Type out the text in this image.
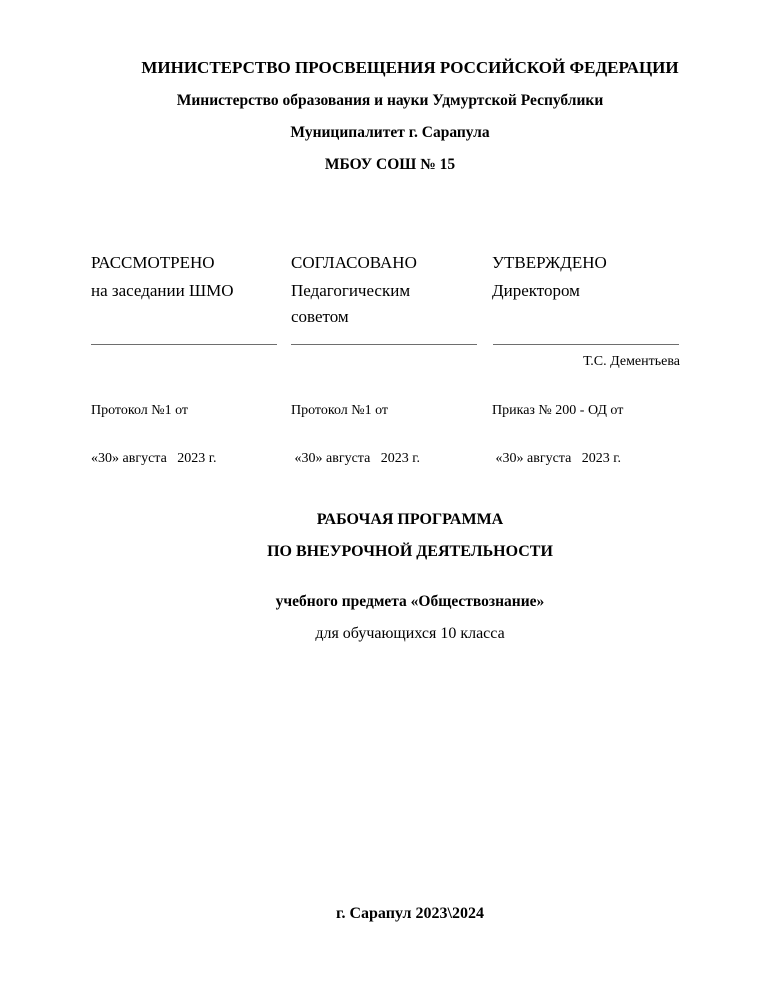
МИНИСТЕРСТВО ПРОСВЕЩЕНИЯ РОССИЙСКОЙ ФЕДЕРАЦИИ
Министерство образования и науки Удмуртской Республики
Муниципалитет г. Сарапула
МБОУ СОШ № 15
РАССМОТРЕНО
на заседании ШМО
СОГЛАСОВАНО
Педагогическим
советом
УТВЕРЖДЕНО
Директором
Т.С. Дементьева

Протокол №1 от

«30» августа   2023 г.

Протокол №1 от

«30» августа   2023 г.

Приказ № 200 - ОД от

«30» августа   2023 г.

РАБОЧАЯ ПРОГРАММА
ПО ВНЕУРОЧНОЙ ДЕЯТЕЛЬНОСТИ
учебного предмета «Обществознание»
для обучающихся 10 класса
г. Сарапул 2023\2024
